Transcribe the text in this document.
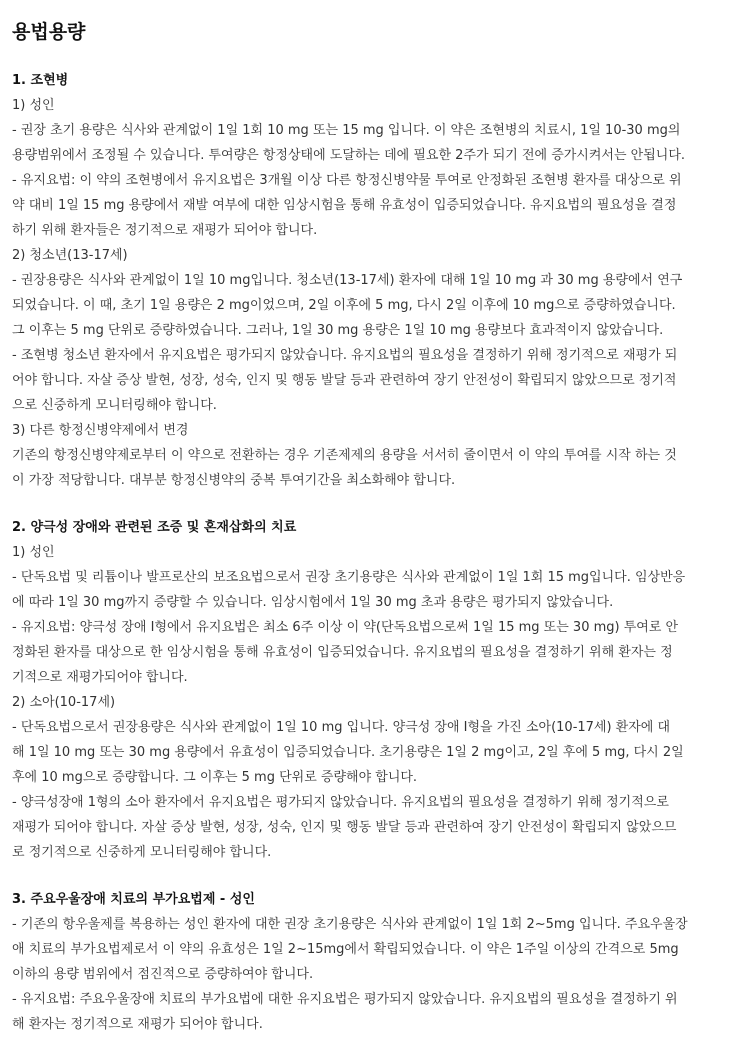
용법용량
1. 조현병
1) 성인
- 권장 초기 용량은 식사와 관계없이 1일 1회 10 mg 또는 15 mg 입니다. 이 약은 조현병의 치료시, 1일 10-30 mg의
용량범위에서 조정될 수 있습니다. 투여량은 항정상태에 도달하는 데에 필요한 2주가 되기 전에 증가시켜서는 안됩니다.
- 유지요법: 이 약의 조현병에서 유지요법은 3개월 이상 다른 항정신병약물 투여로 안정화된 조현병 환자를 대상으로 위
약 대비 1일 15 mg 용량에서 재발 여부에 대한 임상시험을 통해 유효성이 입증되었습니다. 유지요법의 필요성을 결정
하기 위해 환자들은 정기적으로 재평가 되어야 합니다.
2) 청소년(13-17세)
- 권장용량은 식사와 관계없이 1일 10 mg입니다. 청소년(13-17세) 환자에 대해 1일 10 mg 과 30 mg 용량에서 연구
되었습니다. 이 때, 초기 1일 용량은 2 mg이었으며, 2일 이후에 5 mg, 다시 2일 이후에 10 mg으로 증량하였습니다.
그 이후는 5 mg 단위로 증량하였습니다. 그러나, 1일 30 mg 용량은 1일 10 mg 용량보다 효과적이지 않았습니다.
- 조현병 청소년 환자에서 유지요법은 평가되지 않았습니다. 유지요법의 필요성을 결정하기 위해 정기적으로 재평가 되
어야 합니다. 자살 증상 발현, 성장, 성숙, 인지 및 행동 발달 등과 관련하여 장기 안전성이 확립되지 않았으므로 정기적
으로 신중하게 모니터링해야 합니다.
3) 다른 항정신병약제에서 변경
기존의 항정신병약제로부터 이 약으로 전환하는 경우 기존제제의 용량을 서서히 줄이면서 이 약의 투여를 시작 하는 것
이 가장 적당합니다. 대부분 항정신병약의 중복 투여기간을 최소화해야 합니다.
2. 양극성 장애와 관련된 조증 및 혼재삽화의 치료
1) 성인
- 단독요법 및 리튬이나 발프로산의 보조요법으로서 권장 초기용량은 식사와 관계없이 1일 1회 15 mg입니다. 임상반응
에 따라 1일 30 mg까지 증량할 수 있습니다. 임상시험에서 1일 30 mg 초과 용량은 평가되지 않았습니다.
- 유지요법: 양극성 장애 Ⅰ형에서 유지요법은 최소 6주 이상 이 약(단독요법으로써 1일 15 mg 또는 30 mg) 투여로 안
정화된 환자를 대상으로 한 임상시험을 통해 유효성이 입증되었습니다. 유지요법의 필요성을 결정하기 위해 환자는 정
기적으로 재평가되어야 합니다.
2) 소아(10-17세)
- 단독요법으로서 권장용량은 식사와 관계없이 1일 10 mg 입니다. 양극성 장애 Ⅰ형을 가진 소아(10-17세) 환자에 대
해 1일 10 mg 또는 30 mg 용량에서 유효성이 입증되었습니다. 초기용량은 1일 2 mg이고, 2일 후에 5 mg, 다시 2일
후에 10 mg으로 증량합니다. 그 이후는 5 mg 단위로 증량해야 합니다.
- 양극성장애 1형의 소아 환자에서 유지요법은 평가되지 않았습니다. 유지요법의 필요성을 결정하기 위해 정기적으로
재평가 되어야 합니다. 자살 증상 발현, 성장, 성숙, 인지 및 행동 발달 등과 관련하여 장기 안전성이 확립되지 않았으므
로 정기적으로 신중하게 모니터링해야 합니다.
3. 주요우울장애 치료의 부가요법제 - 성인
- 기존의 항우울제를 복용하는 성인 환자에 대한 권장 초기용량은 식사와 관계없이 1일 1회 2~5mg 입니다. 주요우울장
애 치료의 부가요법제로서 이 약의 유효성은 1일 2~15mg에서 확립되었습니다. 이 약은 1주일 이상의 간격으로 5mg
이하의 용량 범위에서 점진적으로 증량하여야 합니다.
- 유지요법: 주요우울장애 치료의 부가요법에 대한 유지요법은 평가되지 않았습니다. 유지요법의 필요성을 결정하기 위
해 환자는 정기적으로 재평가 되어야 합니다.
